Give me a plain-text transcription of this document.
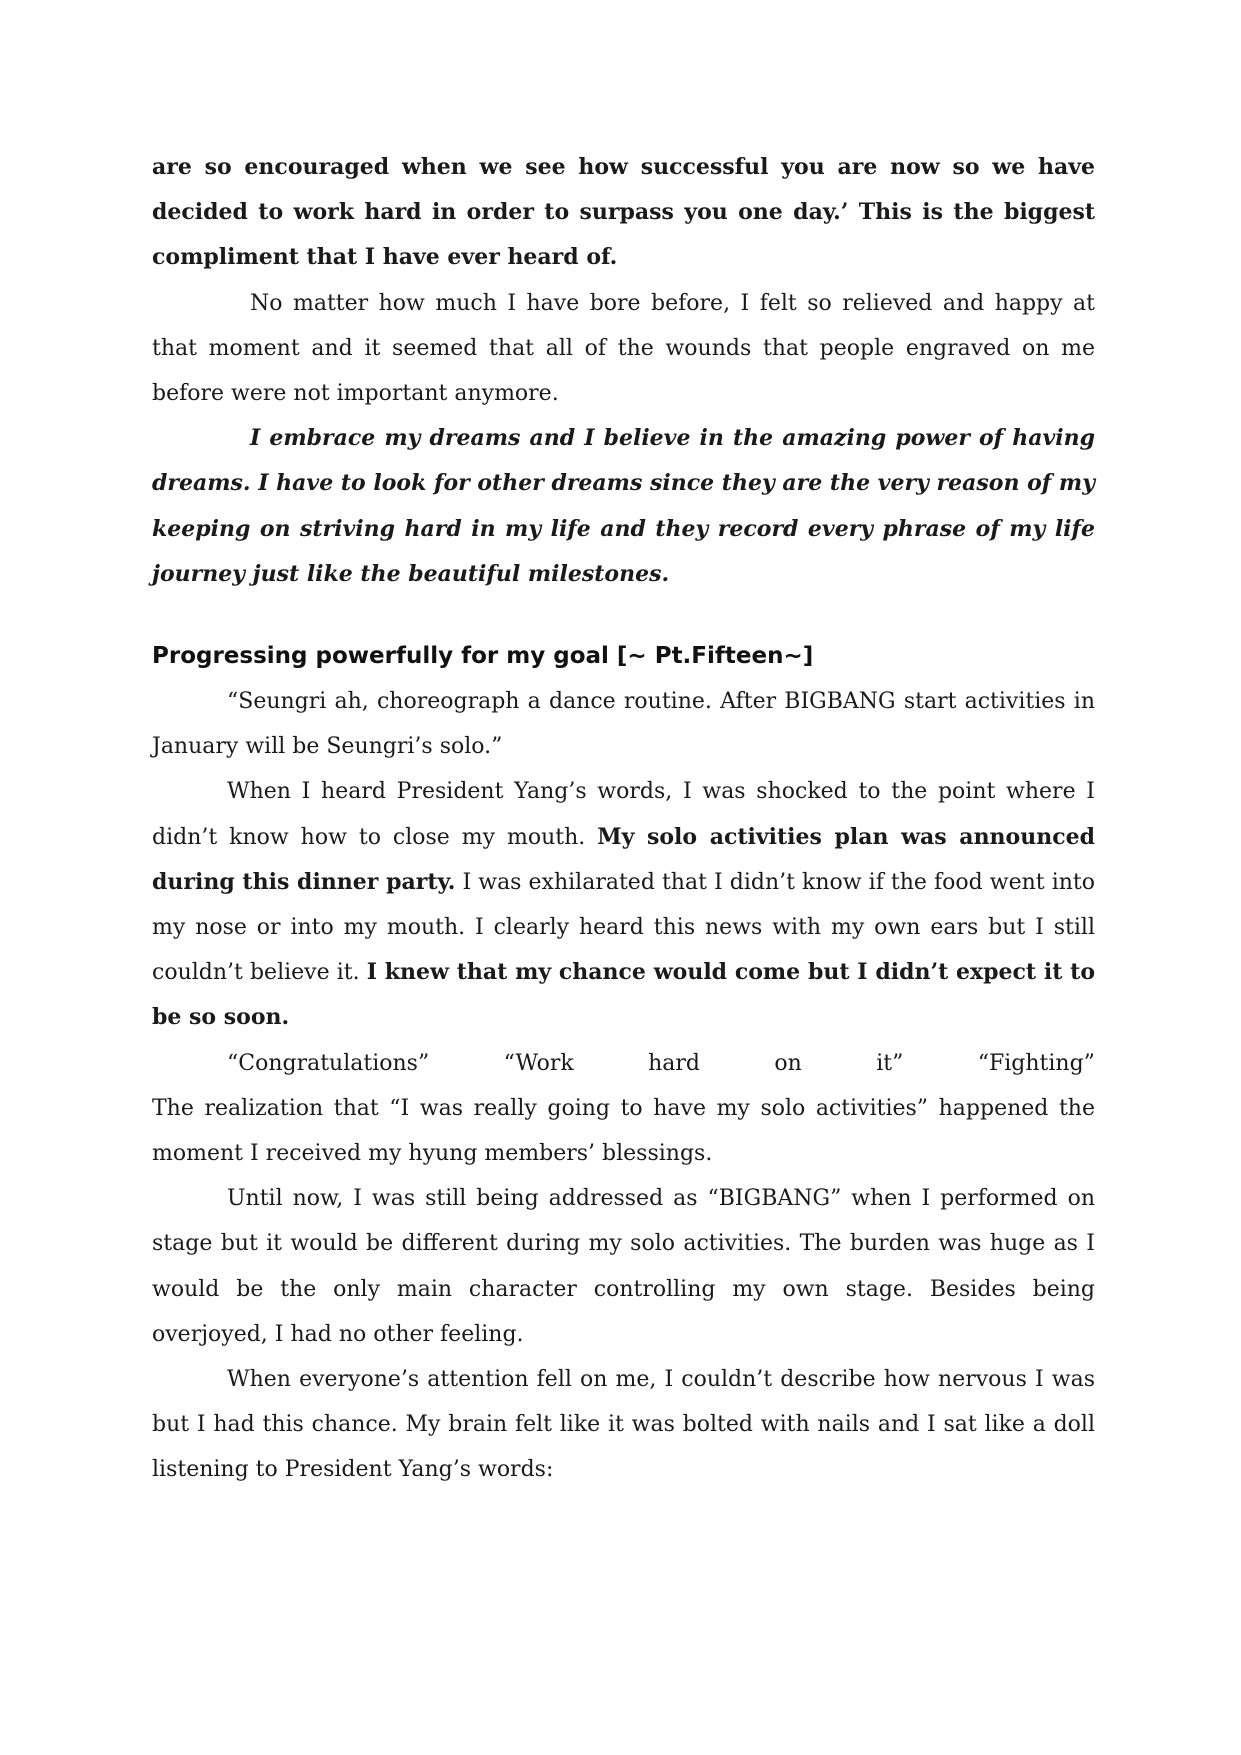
are so encouraged when we see how successful you are now so we have decided to work hard in order to surpass you one day.’ This is the biggest compliment that I have ever heard of.

No matter how much I have bore before, I felt so relieved and happy at that moment and it seemed that all of the wounds that people engraved on me before were not important anymore.

I embrace my dreams and I believe in the amazing power of having dreams. I have to look for other dreams since they are the very reason of my keeping on striving hard in my life and they record every phrase of my life journey just like the beautiful milestones.

Progressing powerfully for my goal [~ Pt.Fifteen~]

“Seungri ah, choreograph a dance routine. After BIGBANG start activities in January will be Seungri’s solo.”

When I heard President Yang’s words, I was shocked to the point where I didn’t know how to close my mouth. My solo activities plan was announced during this dinner party. I was exhilarated that I didn’t know if the food went into my nose or into my mouth. I clearly heard this news with my own ears but I still couldn’t believe it. I knew that my chance would come but I didn’t expect it to be so soon.

“Congratulations”	“Work	hard	on	it”	“Fighting”

The realization that “I was really going to have my solo activities” happened the moment I received my hyung members’ blessings.

Until now, I was still being addressed as “BIGBANG” when I performed on stage but it would be different during my solo activities. The burden was huge as I would be the only main character controlling my own stage. Besides being overjoyed, I had no other feeling.

When everyone’s attention fell on me, I couldn’t describe how nervous I was but I had this chance. My brain felt like it was bolted with nails and I sat like a doll listening to President Yang’s words:
